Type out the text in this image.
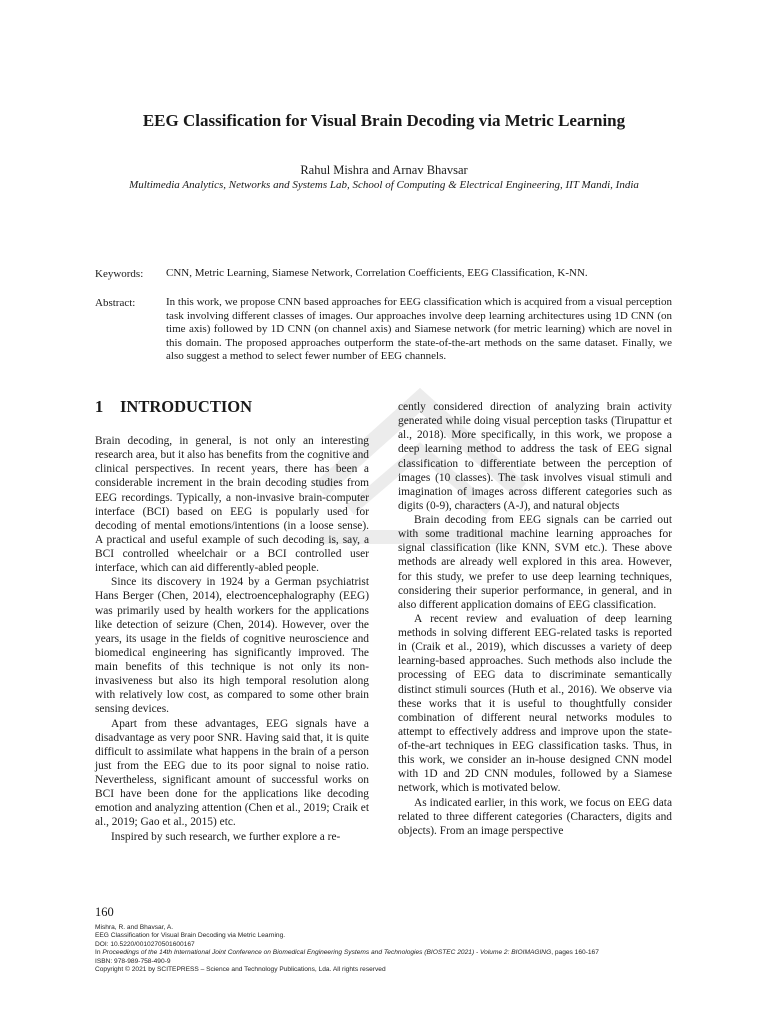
EEG Classification for Visual Brain Decoding via Metric Learning
Rahul Mishra and Arnav Bhavsar
Multimedia Analytics, Networks and Systems Lab, School of Computing & Electrical Engineering, IIT Mandi, India
Keywords: CNN, Metric Learning, Siamese Network, Correlation Coefficients, EEG Classification, K-NN.
Abstract:	In this work, we propose CNN based approaches for EEG classification which is acquired from a visual perception task involving different classes of images. Our approaches involve deep learning architectures using 1D CNN (on time axis) followed by 1D CNN (on channel axis) and Siamese network (for metric learning) which are novel in this domain. The proposed approaches outperform the state-of-the-art methods on the same dataset. Finally, we also suggest a method to select fewer number of EEG channels.
1 INTRODUCTION

Brain decoding, in general, is not only an interesting research area, but it also has benefits from the cognitive and clinical perspectives. In recent years, there has been a considerable increment in the brain decoding studies from EEG recordings. Typically, a non-invasive brain-computer interface (BCI) based on EEG is popularly used for decoding of mental emotions/intentions (in a loose sense). A practical and useful example of such decoding is, say, a BCI controlled wheelchair or a BCI controlled user interface, which can aid differently-abled people.

Since its discovery in 1924 by a German psychiatrist Hans Berger (Chen, 2014), electroencephalography (EEG) was primarily used by health workers for the applications like detection of seizure (Chen, 2014). However, over the years, its usage in the fields of cognitive neuroscience and biomedical engineering has significantly improved. The main benefits of this technique is not only its non-invasiveness but also its high temporal resolution along with relatively low cost, as compared to some other brain sensing devices.

Apart from these advantages, EEG signals have a disadvantage as very poor SNR. Having said that, it is quite difficult to assimilate what happens in the brain of a person just from the EEG due to its poor signal to noise ratio. Nevertheless, significant amount of successful works on BCI have been done for the applications like decoding emotion and analyzing attention (Chen et al., 2019; Craik et al., 2019; Gao et al., 2015) etc.

Inspired by such research, we further explore a re-

cently considered direction of analyzing brain activity generated while doing visual perception tasks (Tirupattur et al., 2018). More specifically, in this work, we propose a deep learning method to address the task of EEG signal classification to differentiate between the perception of images (10 classes). The task involves visual stimuli and imagination of images across different categories such as digits (0-9), characters (A-J), and natural objects

Brain decoding from EEG signals can be carried out with some traditional machine learning approaches for signal classification (like KNN, SVM etc.). These above methods are already well explored in this area. However, for this study, we prefer to use deep learning techniques, considering their superior performance, in general, and in also different application domains of EEG classification.

A recent review and evaluation of deep learning methods in solving different EEG-related tasks is reported in (Craik et al., 2019), which discusses a variety of deep learning-based approaches. Such methods also include the processing of EEG data to discriminate semantically distinct stimuli sources (Huth et al., 2016). We observe via these works that it is useful to thoughtfully consider combination of different neural networks modules to attempt to effectively address and improve upon the state-of-the-art techniques in EEG classification tasks. Thus, in this work, we consider an in-house designed CNN model with 1D and 2D CNN modules, followed by a Siamese network, which is motivated below.

As indicated earlier, in this work, we focus on EEG data related to three different categories (Characters, digits and objects). From an image perspective

160
Mishra, R. and Bhavsar, A.
EEG Classification for Visual Brain Decoding via Metric Learning.
DOI: 10.5220/0010270501600167
In Proceedings of the 14th International Joint Conference on Biomedical Engineering Systems and Technologies (BIOSTEC 2021) - Volume 2: BIOIMAGING, pages 160-167
ISBN: 978-989-758-490-9
Copyright © 2021 by SCITEPRESS – Science and Technology Publications, Lda. All rights reserved
